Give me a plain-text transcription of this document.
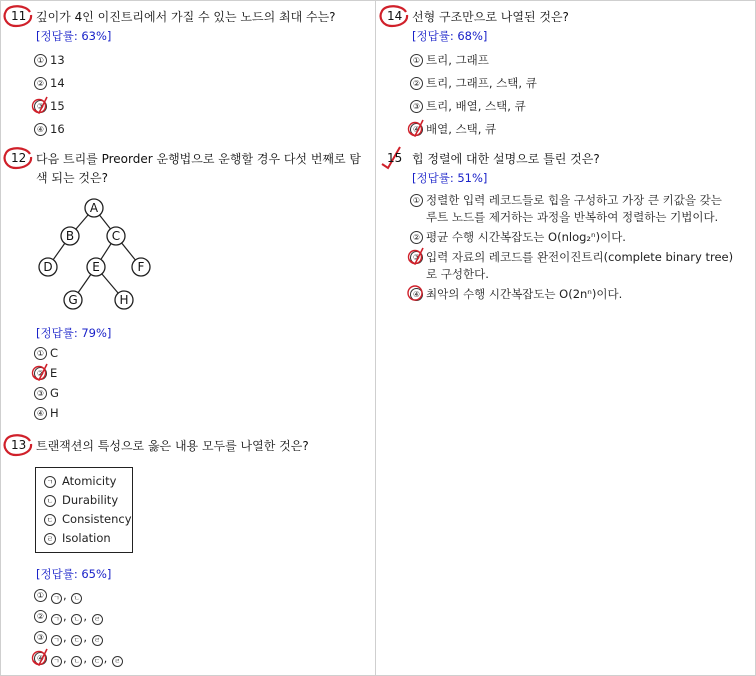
11 깊이가 4인 이진트리에서 가질 수 있는 노드의 최대 수는?
[정답률: 63%]
① 13
② 14
③ 15
④ 16
12 다음 트리를 Preorder 운행법으로 운행할 경우 다섯 번째로 탐
색 되는 것은?
A
B	C
D	E	F
G	H
[정답률: 79%]
① C
② E
③ G
④ H
13 트랜잭션의 특성으로 옳은 내용 모두를 나열한 것은?
ㄱ Atomicity
ㄴ Durability
ㄷ Consistency
ㄹ Isolation
[정답률: 65%]
①	ㄱ , ㄴ
②	ㄱ , ㄴ , ㄹ
③	ㄱ , ㄷ , ㄹ
④	ㄱ , ㄴ , ㄷ , ㄹ
14 선형 구조만으로 나열된 것은?
[정답률: 68%]
① 트리, 그래프
② 트리, 그래프, 스택, 큐
③ 트리, 배열, 스택, 큐
④ 배열, 스택, 큐
15 힙 정렬에 대한 설명으로 틀린 것은?
[정답률: 51%]
① 정렬한 입력 레코드들로 힙을 구성하고 가장 큰 키값을 갖는
루트 노드를 제거하는 과정을 반복하여 정렬하는 기법이다.
② 평균 수행 시간복잡도는 O(nlog₂ⁿ)이다.
③ 입력 자료의 레코드를 완전이진트리(complete binary tree)
로 구성한다.
④ 최악의 수행 시간복잡도는 O(2nⁿ)이다.
